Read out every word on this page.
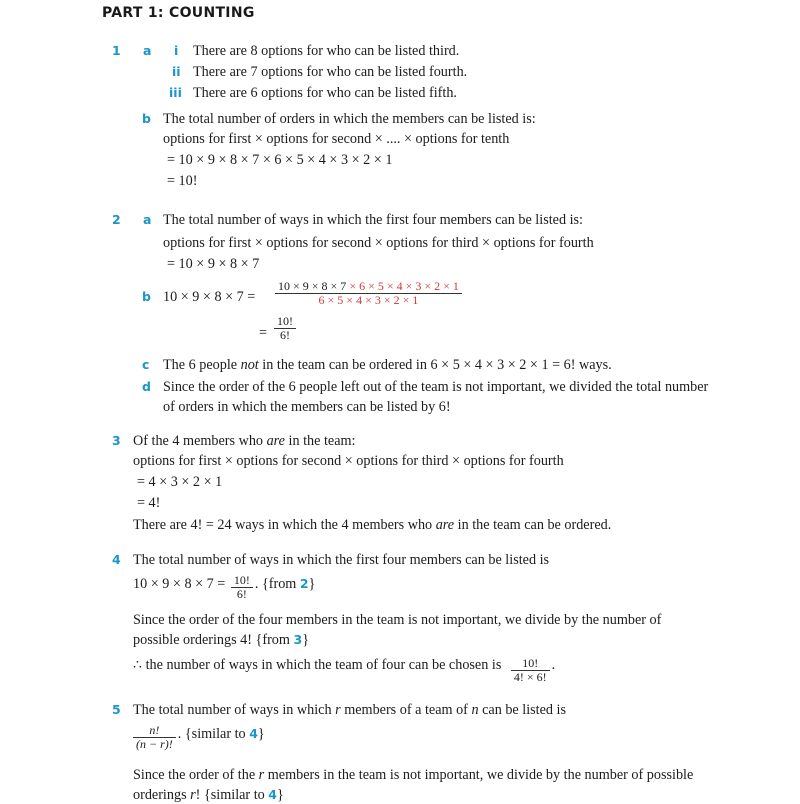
PART 1: COUNTING
1 a i There are 8 options for who can be listed third.
ii There are 7 options for who can be listed fourth.
iii There are 6 options for who can be listed fifth.
b The total number of orders in which the members can be listed is:
options for first × options for second × .... × options for tenth
= 10 × 9 × 8 × 7 × 6 × 5 × 4 × 3 × 2 × 1
= 10!
2 a The total number of ways in which the first four members can be listed is:
options for first × options for second × options for third × options for fourth
= 10 × 9 × 8 × 7
b $10 \times 9 \times 8 \times 7 = \frac{10 \times 9 \times 8 \times 7 \times 6 \times 5 \times 4 \times 3 \times 2 \times 1}{6 \times 5 \times 4 \times 3 \times 2 \times 1}$
= $\frac{10!}{6!}$
c The 6 people not in the team can be ordered in 6 × 5 × 4 × 3 × 2 × 1 = 6! ways.
d Since the order of the 6 people left out of the team is not important, we divided the total number
of orders in which the members can be listed by 6!
3 Of the 4 members who are in the team:
options for first × options for second × options for third × options for fourth
= 4 × 3 × 2 × 1
= 4!
There are 4! = 24 ways in which the 4 members who are in the team can be ordered.
4 The total number of ways in which the first four members can be listed is
$10 \times 9 \times 8 \times 7 = \frac{10!}{6!}$ . {from 2}
Since the order of the four members in the team is not important, we divide by the number of
possible orderings 4! {from 3}
∴ the number of ways in which the team of four can be chosen is $\frac{10!}{4! \times 6!}$ .
5 The total number of ways in which r members of a team of n can be listed is
$\frac{n!}{(n - r)!}$ . {similar to 4}
Since the order of the r members in the team is not important, we divide by the number of possible
orderings r! {similar to 4}
